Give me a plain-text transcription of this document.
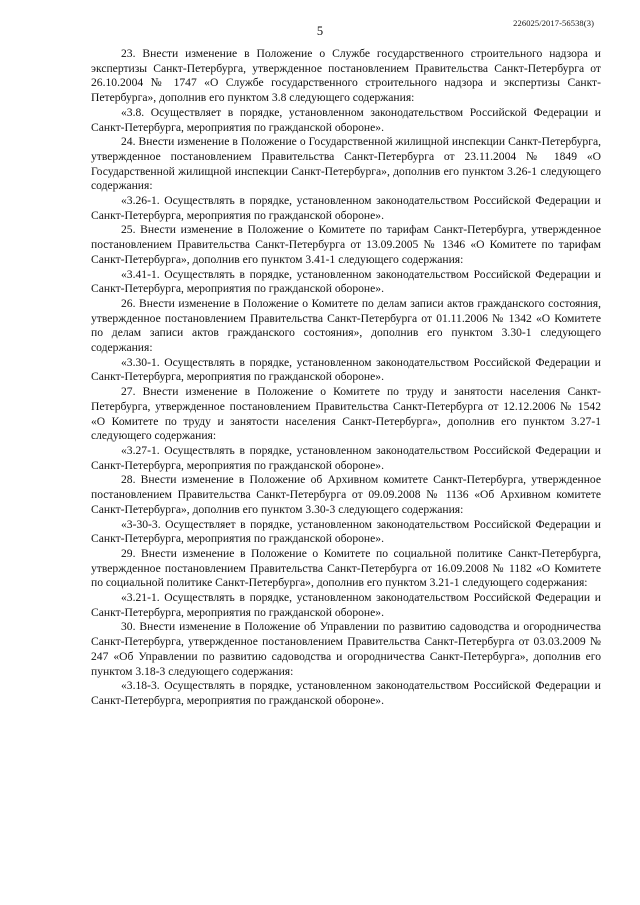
5
226025/2017-56538(3)

23. Внести изменение в Положение о Службе государственного строительного надзора и экспертизы Санкт-Петербурга, утвержденное постановлением Правительства Санкт-Петербурга от 26.10.2004 № 1747 «О Службе государственного строительного надзора и экспертизы Санкт-Петербурга», дополнив его пунктом 3.8 следующего содержания:

«3.8. Осуществляет в порядке, установленном законодательством Российской Федерации и Санкт-Петербурга, мероприятия по гражданской обороне».

24. Внести изменение в Положение о Государственной жилищной инспекции Санкт-Петербурга, утвержденное постановлением Правительства Санкт-Петербурга от 23.11.2004 № 1849 «О Государственной жилищной инспекции Санкт-Петербурга», дополнив его пунктом 3.26-1 следующего содержания:

«3.26-1. Осуществлять в порядке, установленном законодательством Российской Федерации и Санкт-Петербурга, мероприятия по гражданской обороне».

25. Внести изменение в Положение о Комитете по тарифам Санкт-Петербурга, утвержденное постановлением Правительства Санкт-Петербурга от 13.09.2005 № 1346 «О Комитете по тарифам Санкт-Петербурга», дополнив его пунктом 3.41-1 следующего содержания:

«3.41-1. Осуществлять в порядке, установленном законодательством Российской Федерации и Санкт-Петербурга, мероприятия по гражданской обороне».

26. Внести изменение в Положение о Комитете по делам записи актов гражданского состояния, утвержденное постановлением Правительства Санкт-Петербурга от 01.11.2006 № 1342 «О Комитете по делам записи актов гражданского состояния», дополнив его пунктом 3.30-1 следующего содержания:

«3.30-1. Осуществлять в порядке, установленном законодательством Российской Федерации и Санкт-Петербурга, мероприятия по гражданской обороне».

27. Внести изменение в Положение о Комитете по труду и занятости населения Санкт-Петербурга, утвержденное постановлением Правительства Санкт-Петербурга от 12.12.2006 № 1542 «О Комитете по труду и занятости населения Санкт-Петербурга», дополнив его пунктом 3.27-1 следующего содержания:

«3.27-1. Осуществлять в порядке, установленном законодательством Российской Федерации и Санкт-Петербурга, мероприятия по гражданской обороне».

28. Внести изменение в Положение об Архивном комитете Санкт-Петербурга, утвержденное постановлением Правительства Санкт-Петербурга от 09.09.2008 № 1136 «Об Архивном комитете Санкт-Петербурга», дополнив его пунктом 3.30-3 следующего содержания:

«3-30-3. Осуществляет в порядке, установленном законодательством Российской Федерации и Санкт-Петербурга, мероприятия по гражданской обороне».

29. Внести изменение в Положение о Комитете по социальной политике Санкт-Петербурга, утвержденное постановлением Правительства Санкт-Петербурга от 16.09.2008 № 1182 «О Комитете по социальной политике Санкт-Петербурга», дополнив его пунктом 3.21-1 следующего содержания:

«3.21-1. Осуществлять в порядке, установленном законодательством Российской Федерации и Санкт-Петербурга, мероприятия по гражданской обороне».

30. Внести изменение в Положение об Управлении по развитию садоводства и огородничества Санкт-Петербурга, утвержденное постановлением Правительства Санкт-Петербурга от 03.03.2009 № 247 «Об Управлении по развитию садоводства и огородничества Санкт-Петербурга», дополнив его пунктом 3.18-3 следующего содержания:

«3.18-3. Осуществлять в порядке, установленном законодательством Российской Федерации и Санкт-Петербурга, мероприятия по гражданской обороне».
